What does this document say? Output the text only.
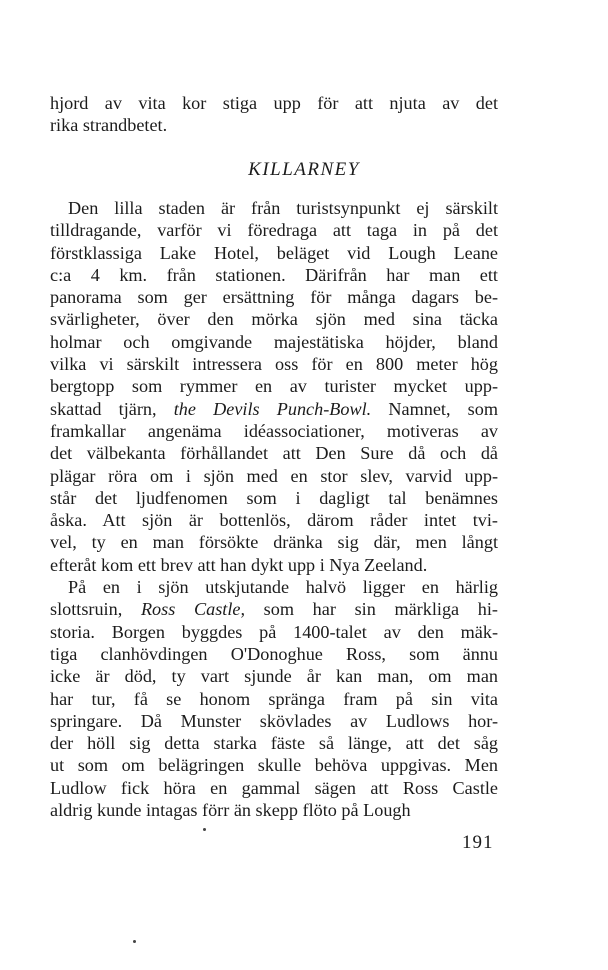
hjord av vita kor stiga upp för att njuta av det
rika strandbetet.
KILLARNEY
Den lilla staden är från turistsynpunkt ej särskilt
tilldragande, varför vi föredraga att taga in på det
förstklassiga Lake Hotel, beläget vid Lough Leane
c:a 4 km. från stationen. Därifrån har man ett
panorama som ger ersättning för många dagars be-
svärligheter, över den mörka sjön med sina täcka
holmar och omgivande majestätiska höjder, bland
vilka vi särskilt intressera oss för en 800 meter hög
bergtopp som rymmer en av turister mycket upp-
skattad tjärn, the Devils Punch-Bowl. Namnet, som
framkallar angenäma idéassociationer, motiveras av
det välbekanta förhållandet att Den Sure då och då
plägar röra om i sjön med en stor slev, varvid upp-
står det ljudfenomen som i dagligt tal benämnes
åska. Att sjön är bottenlös, därom råder intet tvi-
vel, ty en man försökte dränka sig där, men långt
efteråt kom ett brev att han dykt upp i Nya Zeeland.
På en i sjön utskjutande halvö ligger en härlig
slottsruin, Ross Castle, som har sin märkliga hi-
storia. Borgen byggdes på 1400-talet av den mäk-
tiga clanhövdingen O'Donoghue Ross, som ännu
icke är död, ty vart sjunde år kan man, om man
har tur, få se honom spränga fram på sin vita
springare. Då Munster skövlades av Ludlows hor-
der höll sig detta starka fäste så länge, att det såg
ut som om belägringen skulle behöva uppgivas. Men
Ludlow fick höra en gammal sägen att Ross Castle
aldrig kunde intagas förr än skepp flöto på Lough
191
